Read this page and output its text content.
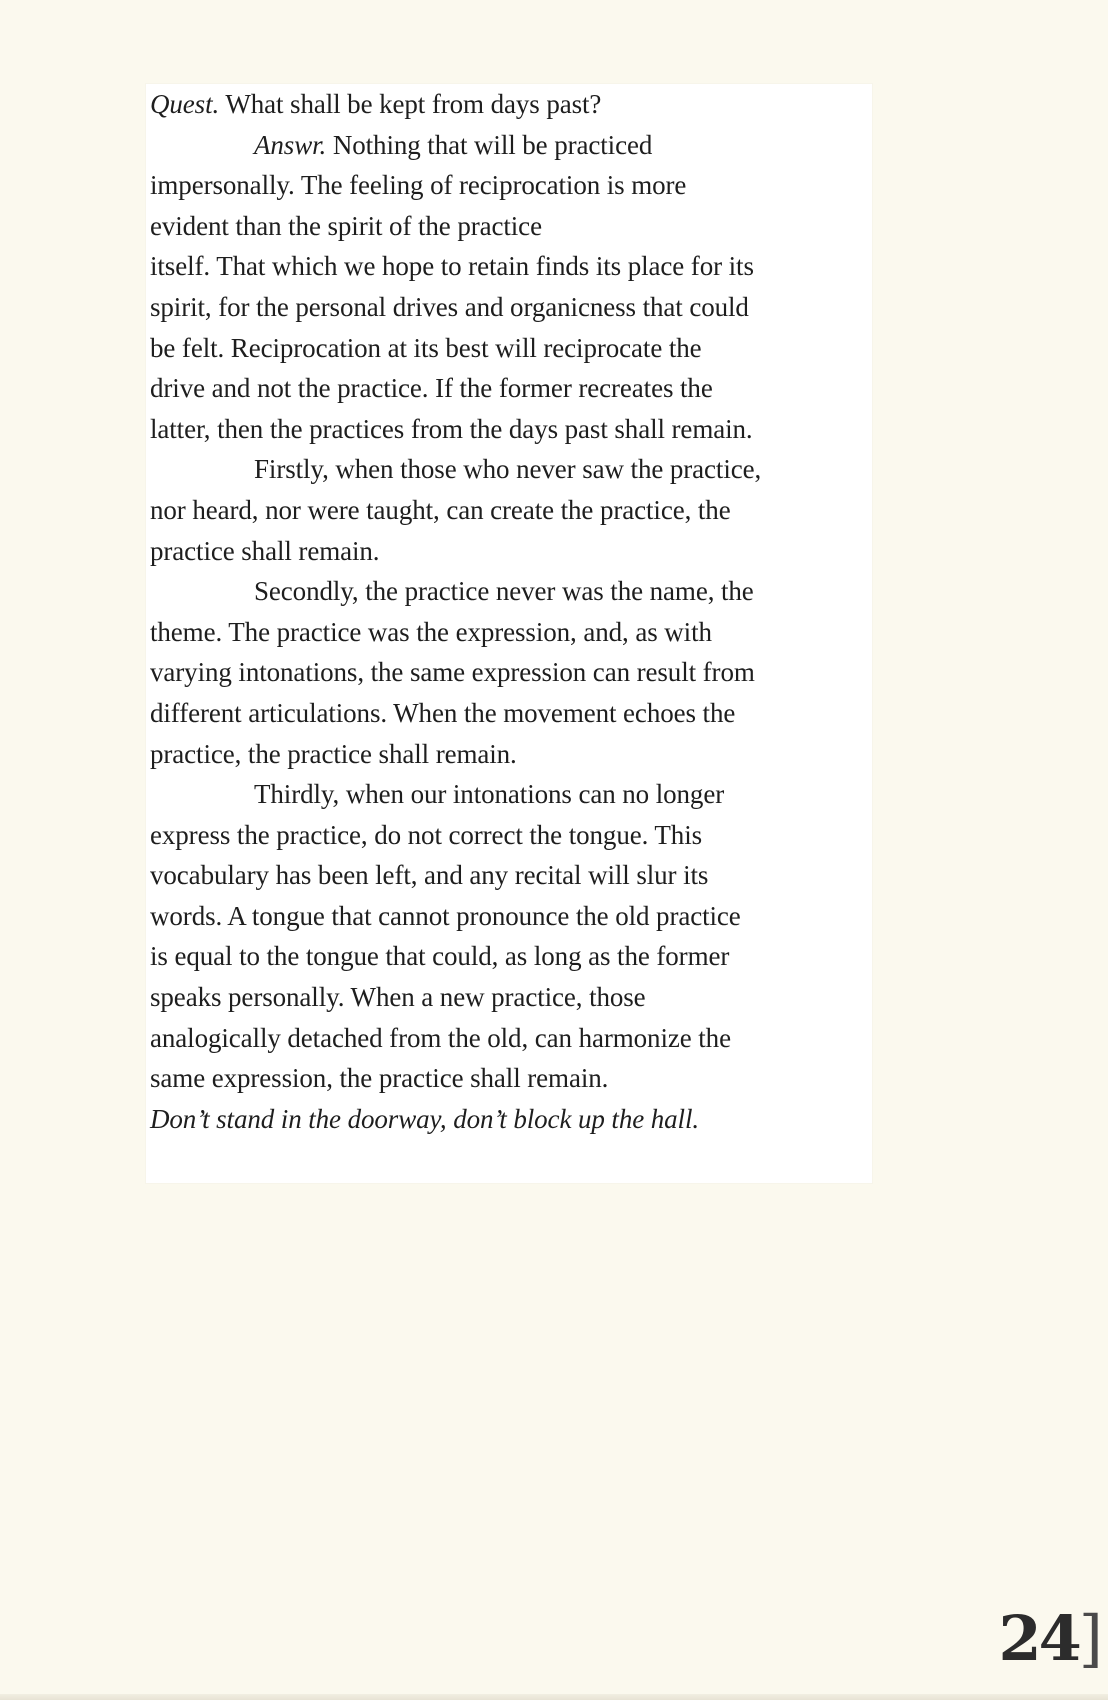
Quest. What shall be kept from days past?
Answr. Nothing that will be practiced
impersonally. The feeling of reciprocation is more
evident than the spirit of the practice
itself. That which we hope to retain finds its place for its
spirit, for the personal drives and organicness that could
be felt. Reciprocation at its best will reciprocate the
drive and not the practice. If the former recreates the
latter, then the practices from the days past shall remain.
Firstly, when those who never saw the practice,
nor heard, nor were taught, can create the practice, the
practice shall remain.
Secondly, the practice never was the name, the
theme. The practice was the expression, and, as with
varying intonations, the same expression can result from
different articulations. When the movement echoes the
practice, the practice shall remain.
Thirdly, when our intonations can no longer
express the practice, do not correct the tongue. This
vocabulary has been left, and any recital will slur its
words. A tongue that cannot pronounce the old practice
is equal to the tongue that could, as long as the former
speaks personally. When a new practice, those
analogically detached from the old, can harmonize the
same expression, the practice shall remain.
Don’t stand in the doorway, don’t block up the hall.
24]
